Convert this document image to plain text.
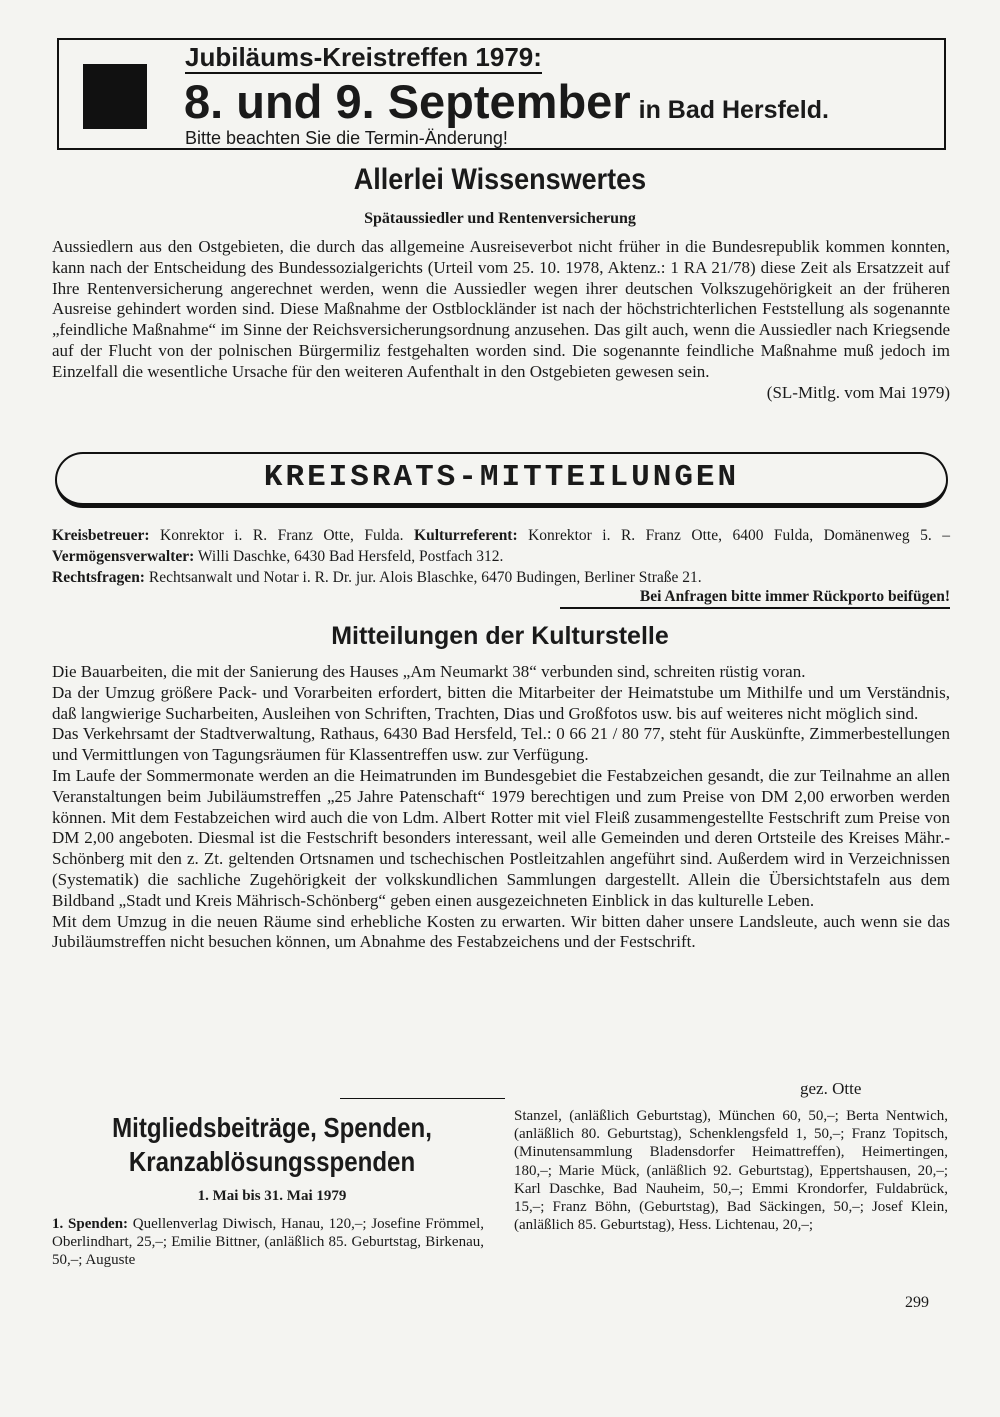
Jubiläums-Kreistreffen 1979:
8. und 9. September in Bad Hersfeld.
Bitte beachten Sie die Termin-Änderung!
Allerlei Wissenswertes
Spätaussiedler und Rentenversicherung

Aussiedlern aus den Ostgebieten, die durch das allgemeine Ausreiseverbot nicht früher in die Bundesrepublik kommen konnten, kann nach der Entscheidung des Bundessozialgerichts (Urteil vom 25. 10. 1978, Aktenz.: 1 RA 21/78) diese Zeit als Ersatzzeit auf Ihre Rentenversicherung angerechnet werden, wenn die Aussiedler wegen ihrer deutschen Volkszugehörigkeit an der früheren Ausreise gehindert worden sind. Diese Maßnahme der Ostblockländer ist nach der höchstrichterlichen Feststellung als sogenannte „feindliche Maßnahme“ im Sinne der Reichsversicherungsordnung anzusehen. Das gilt auch, wenn die Aussiedler nach Kriegsende auf der Flucht von der polnischen Bürgermiliz festgehalten worden sind. Die sogenannte feindliche Maßnahme muß jedoch im Einzelfall die wesentliche Ursache für den weiteren Aufenthalt in den Ostgebieten gewesen sein.

(SL-Mitlg. vom Mai 1979)

KREISRATS-MITTEILUNGEN
Kreisbetreuer: Konrektor i. R. Franz Otte, Fulda. Kulturreferent: Konrektor i. R. Franz Otte, 6400 Fulda, Domänenweg 5. – Vermögensverwalter: Willi Daschke, 6430 Bad Hersfeld, Postfach 312.
Rechtsfragen: Rechtsanwalt und Notar i. R. Dr. jur. Alois Blaschke, 6470 Budingen, Berliner Straße 21.
Bei Anfragen bitte immer Rückporto beifügen!
Mitteilungen der Kulturstelle

Die Bauarbeiten, die mit der Sanierung des Hauses „Am Neumarkt 38“ verbunden sind, schreiten rüstig voran.

Da der Umzug größere Pack- und Vorarbeiten erfordert, bitten die Mitarbeiter der Heimatstube um Mithilfe und um Verständnis, daß langwierige Sucharbeiten, Ausleihen von Schriften, Trachten, Dias und Großfotos usw. bis auf weiteres nicht möglich sind.

Das Verkehrsamt der Stadtverwaltung, Rathaus, 6430 Bad Hersfeld, Tel.: 0 66 21 / 80 77, steht für Auskünfte, Zimmerbestellungen und Vermittlungen von Tagungsräumen für Klassentreffen usw. zur Verfügung.

Im Laufe der Sommermonate werden an die Heimatrunden im Bundesgebiet die Festabzeichen gesandt, die zur Teilnahme an allen Veranstaltungen beim Jubiläumstreffen „25 Jahre Patenschaft“ 1979 berechtigen und zum Preise von DM 2,00 erworben werden können. Mit dem Festabzeichen wird auch die von Ldm. Albert Rotter mit viel Fleiß zusammengestellte Festschrift zum Preise von DM 2,00 angeboten. Diesmal ist die Festschrift besonders interessant, weil alle Gemeinden und deren Ortsteile des Kreises Mähr.-Schönberg mit den z. Zt. geltenden Ortsnamen und tschechischen Postleitzahlen angeführt sind. Außerdem wird in Verzeichnissen (Systematik) die sachliche Zugehörigkeit der volkskundlichen Sammlungen dargestellt. Allein die Übersichtstafeln aus dem Bildband „Stadt und Kreis Mährisch-Schönberg“ geben einen ausgezeichneten Einblick in das kulturelle Leben.

Mit dem Umzug in die neuen Räume sind erhebliche Kosten zu erwarten. Wir bitten daher unsere Landsleute, auch wenn sie das Jubiläumstreffen nicht besuchen können, um Abnahme des Festabzeichens und der Festschrift.

gez. Otte
Mitgliedsbeiträge, Spenden,
Kranzablösungsspenden
1. Mai bis 31. Mai 1979
1. Spenden: Quellenverlag Diwisch, Hanau, 120,–; Josefine Frömmel, Oberlindhart, 25,–; Emilie Bittner, (anläßlich 85. Geburtstag, Birkenau, 50,–; Auguste
Stanzel, (anläßlich Geburtstag), München 60, 50,–; Berta Nentwich, (anläßlich 80. Geburtstag), Schenklengsfeld 1, 50,–; Franz Topitsch, (Minutensammlung Bladensdorfer Heimattreffen), Heimertingen, 180,–; Marie Mück, (anläßlich 92. Geburtstag), Eppertshausen, 20,–; Karl Daschke, Bad Nauheim, 50,–; Emmi Krondorfer, Fuldabrück, 15,–; Franz Böhn, (Geburtstag), Bad Säckingen, 50,–; Josef Klein, (anläßlich 85. Geburtstag), Hess. Lichtenau, 20,–;
299
